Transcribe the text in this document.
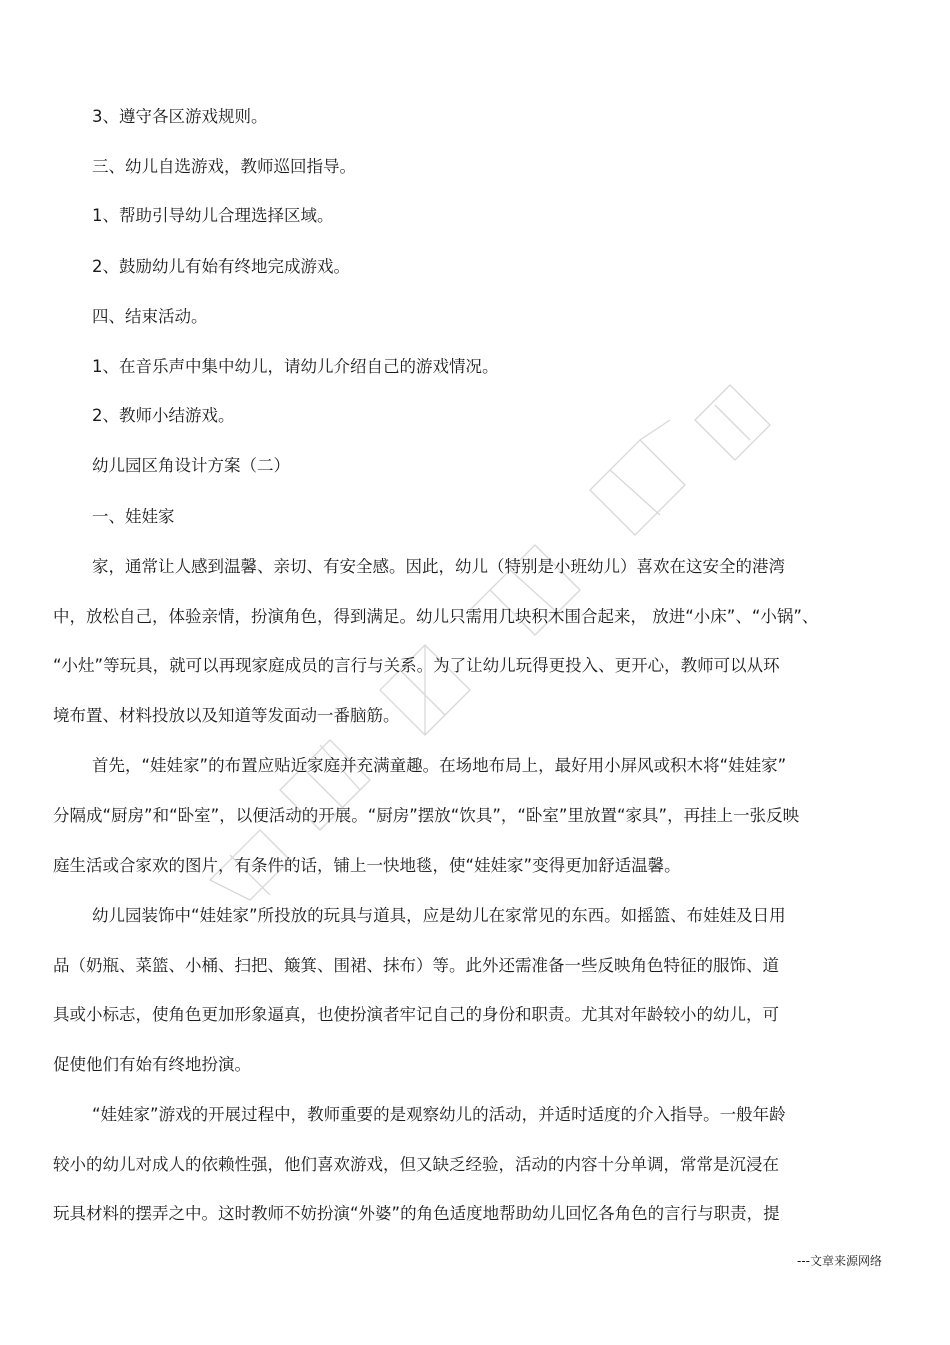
3、遵守各区游戏规则。
三、幼儿自选游戏，教师巡回指导。
1、帮助引导幼儿合理选择区域。
2、鼓励幼儿有始有终地完成游戏。
四、结束活动。
1、在音乐声中集中幼儿，请幼儿介绍自己的游戏情况。
2、教师小结游戏。
幼儿园区角设计方案（二）
一、娃娃家
家，通常让人感到温馨、亲切、有安全感。因此，幼儿（特别是小班幼儿）喜欢在这安全的港湾
中，放松自己，体验亲情，扮演角色，得到满足。幼儿只需用几块积木围合起来， 放进“小床”、“小锅”、
“小灶”等玩具，就可以再现家庭成员的言行与关系。为了让幼儿玩得更投入、更开心，教师可以从环
境布置、材料投放以及知道等发面动一番脑筋。
首先，“娃娃家”的布置应贴近家庭并充满童趣。在场地布局上，最好用小屏风或积木将“娃娃家”
分隔成“厨房”和“卧室”，以便活动的开展。“厨房”摆放“饮具”，“卧室”里放置“家具”，再挂上一张反映
庭生活或合家欢的图片，有条件的话，铺上一快地毯，使“娃娃家”变得更加舒适温馨。
幼儿园装饰中“娃娃家”所投放的玩具与道具，应是幼儿在家常见的东西。如摇篮、布娃娃及日用
品（奶瓶、菜篮、小桶、扫把、簸箕、围裙、抹布）等。此外还需准备一些反映角色特征的服饰、道
具或小标志，使角色更加形象逼真，也使扮演者牢记自己的身份和职责。尤其对年龄较小的幼儿，可
促使他们有始有终地扮演。
“娃娃家”游戏的开展过程中，教师重要的是观察幼儿的活动，并适时适度的介入指导。一般年龄
较小的幼儿对成人的依赖性强，他们喜欢游戏，但又缺乏经验，活动的内容十分单调，常常是沉浸在
玩具材料的摆弄之中。这时教师不妨扮演“外婆”的角色适度地帮助幼儿回忆各角色的言行与职责，提
---文章来源网络
